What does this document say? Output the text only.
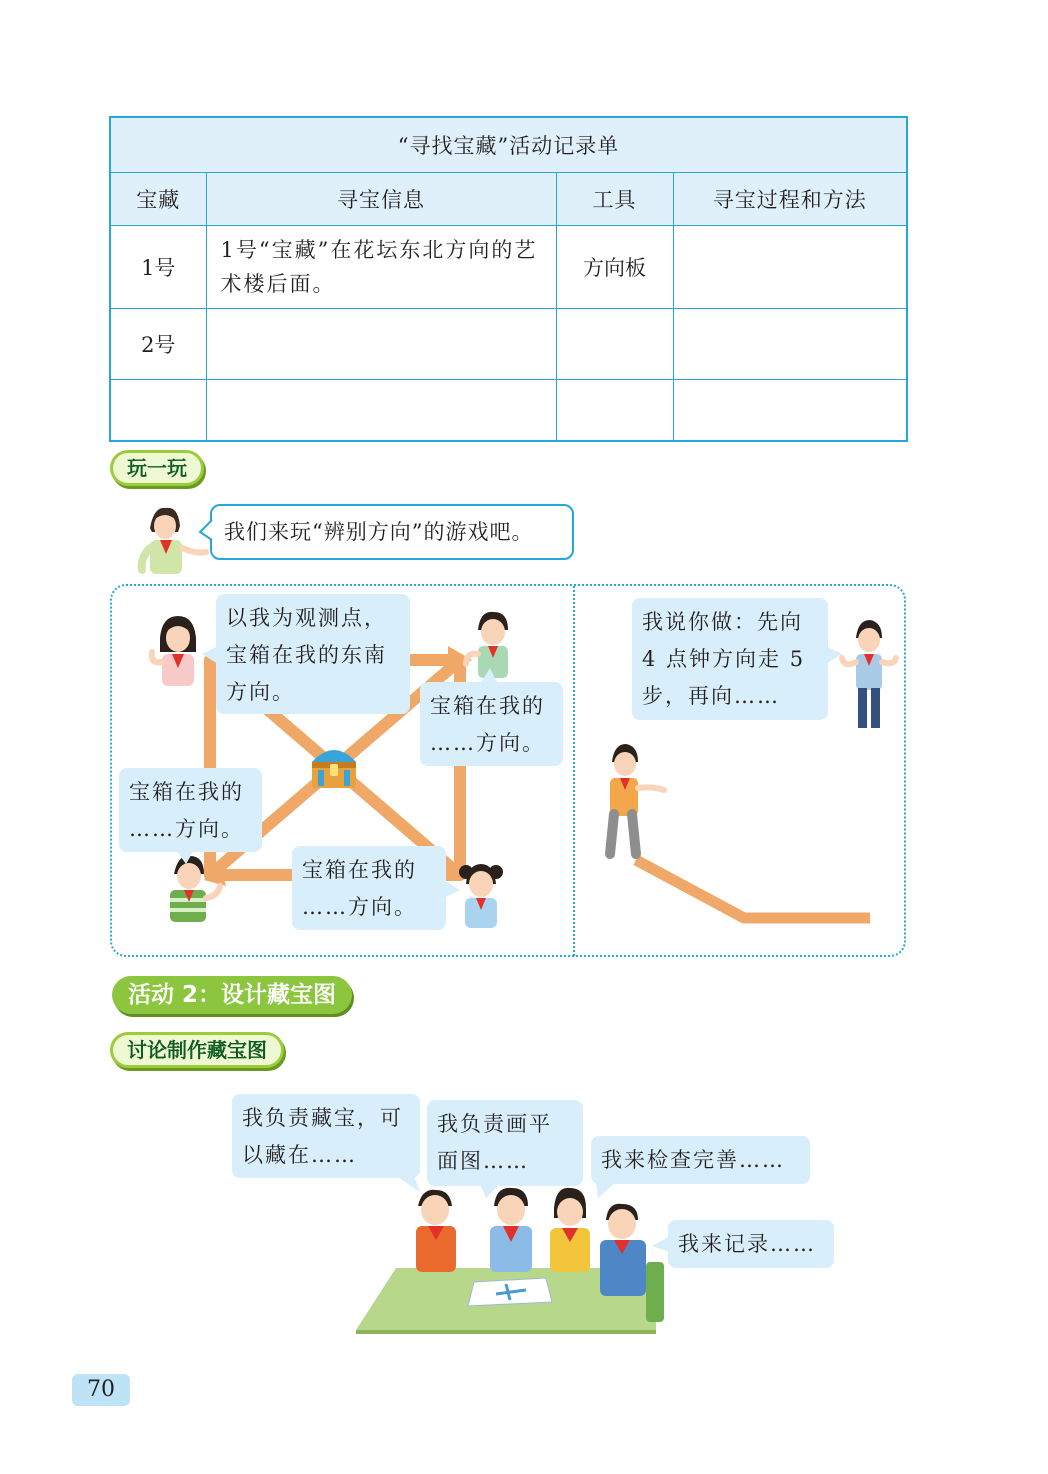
“寻找宝藏”活动记录单			
宝藏	寻宝信息	工具	寻宝过程和方法
1号	1号“宝藏”在花坛东北方向的艺术楼后面。	方向板	
2号			

玩一玩
我们来玩“辨别方向”的游戏吧。
以我为观测点，
宝箱在我的东南
方向。
宝箱在我的
……方向。
宝箱在我的
……方向。
宝箱在我的
……方向。
我说你做：先向
4 点钟方向走 5
步，再向……
活动 2：设计藏宝图
讨论制作藏宝图
我负责藏宝，可
以藏在……
我负责画平
面图……	我来检查完善……
我来记录……
70
